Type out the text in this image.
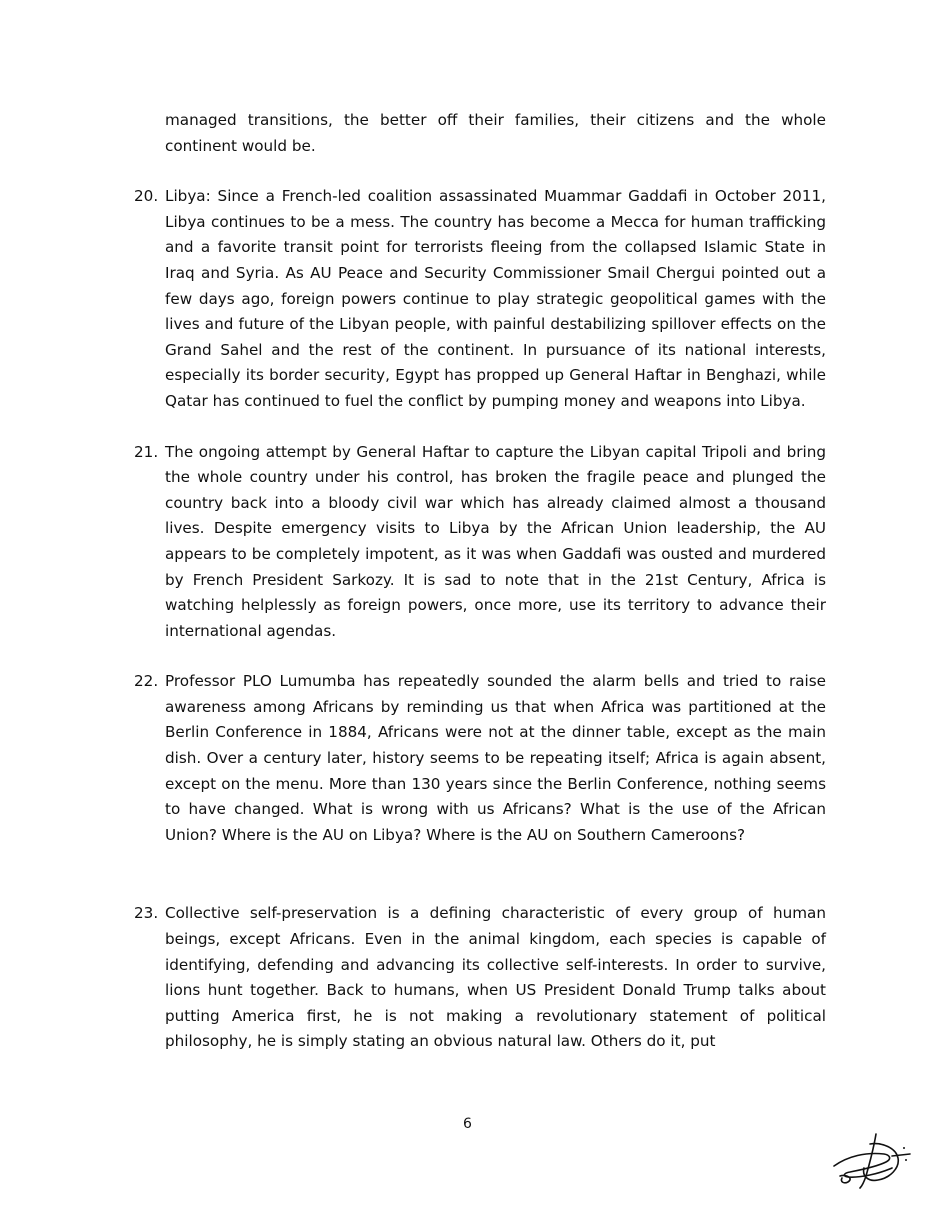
managed transitions, the better off their families, their citizens and the whole continent would be.

20. Libya: Since a French-led coalition assassinated Muammar Gaddafi in October 2011, Libya continues to be a mess. The country has become a Mecca for human trafficking and a favorite transit point for terrorists fleeing from the collapsed Islamic State in Iraq and Syria. As AU Peace and Security Commissioner Smail Chergui pointed out a few days ago, foreign powers continue to play strategic geopolitical games with the lives and future of the Libyan people, with painful destabilizing spillover effects on the Grand Sahel and the rest of the continent. In pursuance of its national interests, especially its border security, Egypt has propped up General Haftar in Benghazi, while Qatar has continued to fuel the conflict by pumping money and weapons into Libya.

21. The ongoing attempt by General Haftar to capture the Libyan capital Tripoli and bring the whole country under his control, has broken the fragile peace and plunged the country back into a bloody civil war which has already claimed almost a thousand lives. Despite emergency visits to Libya by the African Union leadership, the AU appears to be completely impotent, as it was when Gaddafi was ousted and murdered by French President Sarkozy. It is sad to note that in the 21st Century, Africa is watching helplessly as foreign powers, once more, use its territory to advance their international agendas.

22. Professor PLO Lumumba has repeatedly sounded the alarm bells and tried to raise awareness among Africans by reminding us that when Africa was partitioned at the Berlin Conference in 1884, Africans were not at the dinner table, except as the main dish. Over a century later, history seems to be repeating itself; Africa is again absent, except on the menu. More than 130 years since the Berlin Conference, nothing seems to have changed. What is wrong with us Africans? What is the use of the African Union? Where is the AU on Libya? Where is the AU on Southern Cameroons?

23. Collective self-preservation is a defining characteristic of every group of human beings, except Africans. Even in the animal kingdom, each species is capable of identifying, defending and advancing its collective self-interests. In order to survive, lions hunt together. Back to humans, when US President Donald Trump talks about putting America first, he is not making a revolutionary statement of political philosophy, he is simply stating an obvious natural law. Others do it, put

6
